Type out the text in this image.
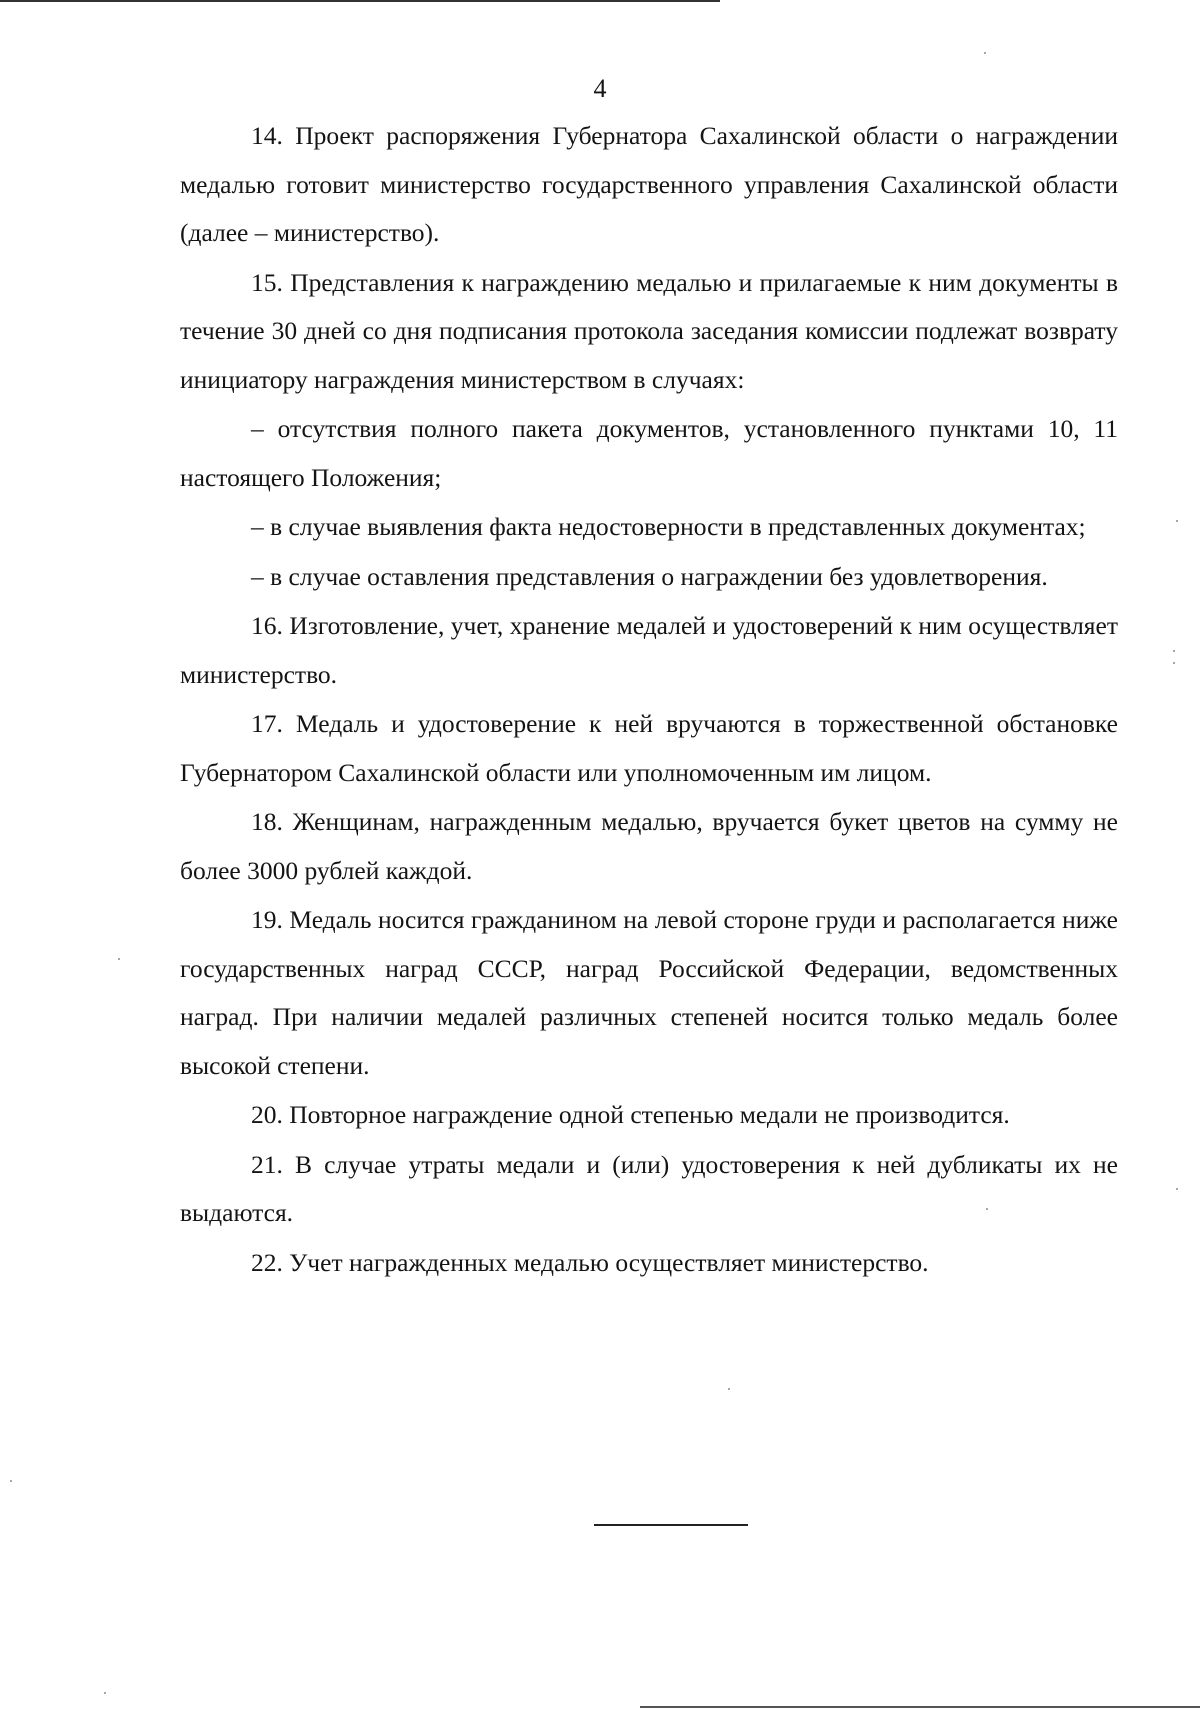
4

14. Проект распоряжения Губернатора Сахалинской области о награждении медалью готовит министерство государственного управления Сахалинской области (далее – министерство).

15. Представления к награждению медалью и прилагаемые к ним документы в течение 30 дней со дня подписания протокола заседания комиссии подлежат возврату инициатору награждения министерством в случаях:

– отсутствия полного пакета документов, установленного пунктами 10, 11 настоящего Положения;

– в случае выявления факта недостоверности в представленных документах;

– в случае оставления представления о награждении без удовлетворения.

16. Изготовление, учет, хранение медалей и удостоверений к ним осуществляет министерство.

17. Медаль и удостоверение к ней вручаются в торжественной обстановке Губернатором Сахалинской области или уполномоченным им лицом.

18. Женщинам, награжденным медалью, вручается букет цветов на сумму не более 3000 рублей каждой.

19. Медаль носится гражданином на левой стороне груди и располагается ниже государственных наград СССР, наград Российской Федерации, ведомственных наград. При наличии медалей различных степеней носится только медаль более высокой степени.

20. Повторное награждение одной степенью медали не производится.

21. В случае утраты медали и (или) удостоверения к ней дубликаты их не выдаются.

22. Учет награжденных медалью осуществляет министерство.
